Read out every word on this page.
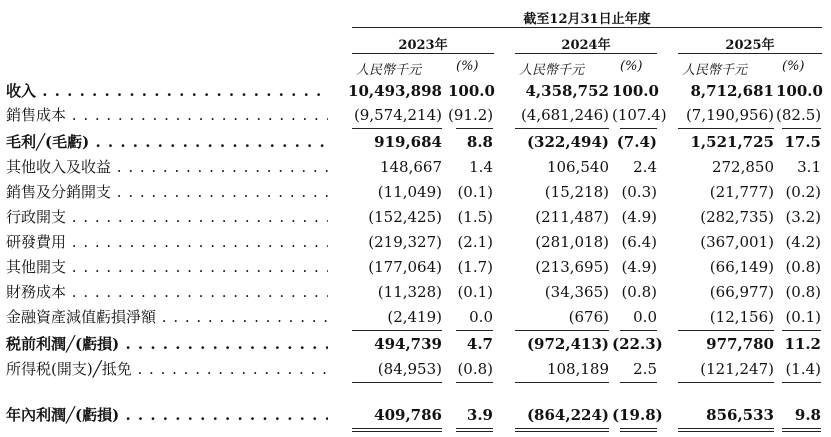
截至12月31日止年度
2023年	2024年	2025年
人民幣千元	(%)	人民幣千元	(%)	人民幣千元	(%)
收入 . . .	10,493,898 100.0	4,358,752 100.0	8,712,681 100.0
銷售成本 . . .	(9,574,214) (91.2)	(4,681,246) (107.4)	(7,190,956) (82.5)
毛利╱(毛虧) . . .	919,684	8.8	(322,494) (7.4)	1,521,725 17.5
其他收入及收益 . . .	148,667	1.4	106,540	2.4	272,850	3.1
銷售及分銷開支 . . .	(11,049)	(0.1)	(15,218) (0.3)	(21,777) (0.2)
行政開支 . . .	(152,425)	(1.5)	(211,487) (4.9)	(282,735) (3.2)
研發費用 . . .	(219,327)	(2.1)	(281,018) (6.4)	(367,001) (4.2)
其他開支 . . .	(177,064)	(1.7)	(213,695) (4.9)	(66,149) (0.8)
財務成本 . . .	(11,328)	(0.1)	(34,365) (0.8)	(66,977) (0.8)
金融資產減值虧損淨額 . . .	(2,419)	0.0	(676)	0.0	(12,156) (0.1)
税前利潤╱(虧損) . . .	494,739	4.7	(972,413) (22.3)	977,780 11.2
所得税(開支)╱抵免 . . .	(84,953)	(0.8)	108,189	2.5	(121,247) (1.4)
年內利潤╱(虧損) . . .	409,786	3.9	(864,224) (19.8)	856,533	9.8
